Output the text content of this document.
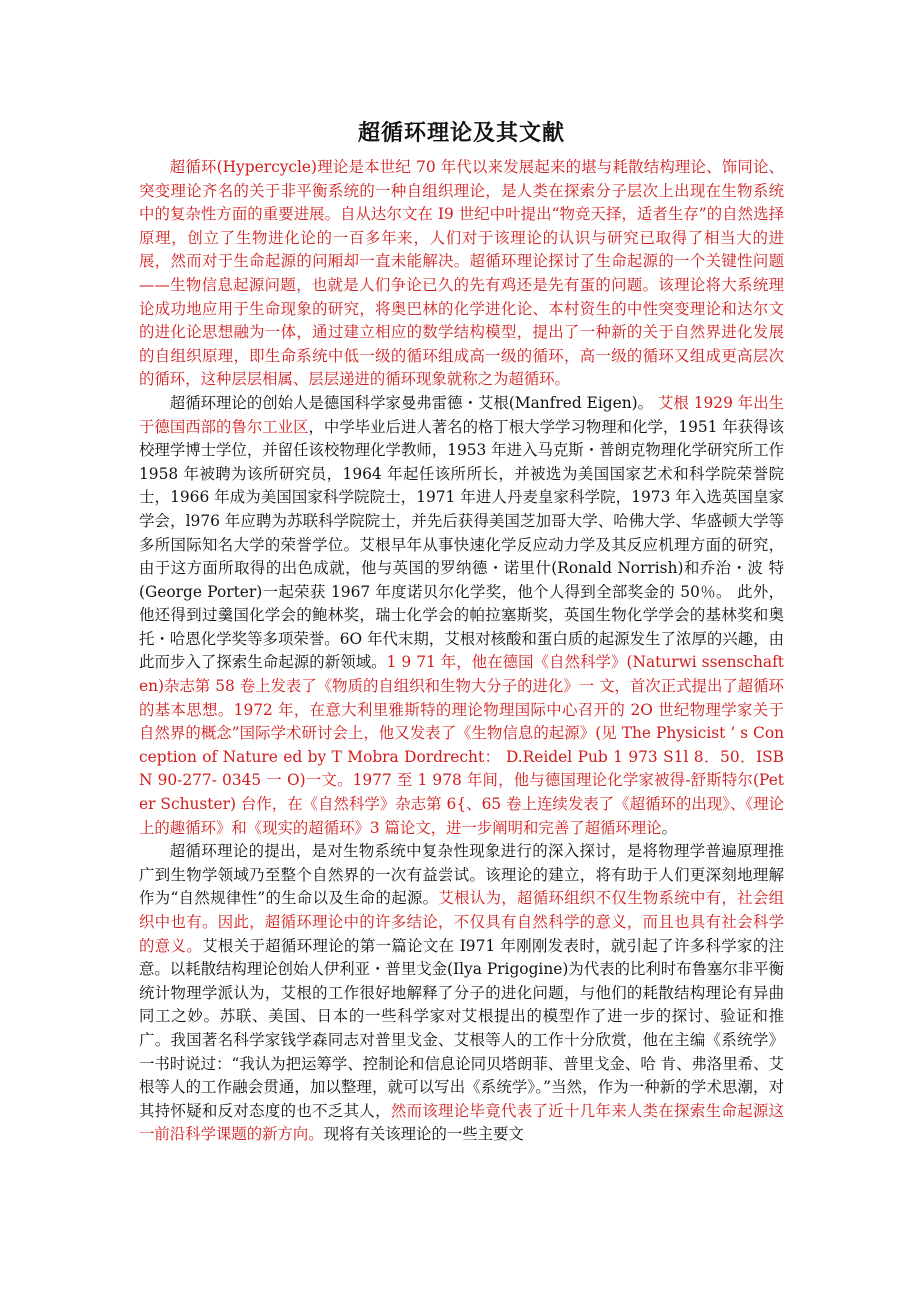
超循环理论及其文献

超循环(Hypercycle)理论是本世纪 70 年代以来发展起来的堪与耗散结构理论、饰同论、突变理论齐名的关于非平衡系统的一种自组织理论，是人类在探索分子层次上出现在生物系统中的复杂性方面的重要进展。自从达尔文在 I9 世纪中叶提出“物竞天择，适者生存”的自然选择原理，创立了生物进化论的一百多年来，人们对于该理论的认识与研究已取得了相当大的进展，然而对于生命起源的问厢却一直未能解决。超循环理论探讨了生命起源的一个关键性问题——生物信息起源问题，也就是人们争论已久的先有鸡还是先有蛋的问题。该理论将大系统理论成功地应用于生命现象的研究，将奥巴林的化学进化论、本村资生的中性突变理论和达尔文的进化论思想融为一体，通过建立相应的数学结构模型，提出了一种新的关于自然界进化发展的自组织原理，即生命系统中低一级的循环组成高一级的循环，高一级的循环又组成更高层次的循环，这种层层相属、层层递进的循环现象就称之为超循环。

超循环理论的创始人是德国科学家曼弗雷德・艾根(Manfred Eigen)。 艾根 1929 年出生于德国西部的鲁尔工业区，中学毕业后进人著名的格丁根大学学习物理和化学，1951 年获得该校理学博士学位，并留任该校物理化学教师，1953 年进入马克斯・普朗克物理化学研究所工作 1958 年被聘为该所研究员，1964 年起任该所所长，并被选为美国国家艺术和科学院荣誉院士，1966 年成为美国国家科学院院士，1971 年进人丹麦皇家科学院，1973 年入选英国皇家学会，l976 年应聘为苏联科学院院士，并先后获得美国芝加哥大学、哈佛大学、华盛顿大学等多所国际知名大学的荣誉学位。艾根早年从事快速化学反应动力学及其反应机理方面的研究，由于这方面所取得的出色成就，他与英国的罗纳德・诺里什(Ronald Norrish)和乔治・波 特(George Porter)一起荣获 1967 年度诺贝尔化学奖，他个人得到全部奖金的 50％。 此外，他还得到过羹国化学会的鲍林奖，瑞士化学会的帕拉塞斯奖，英国生物化学学会的基林奖和奥托・哈恩化学奖等多项荣誉。6O 年代末期，艾根对核酸和蛋白质的起源发生了浓厚的兴趣，由此而步入了探索生命起源的新领域。1 9 71 年，他在德国《自然科学》(Naturwi ssenschaften)杂志第 58 卷上发表了《物质的自组织和生物大分子的进化》一 文，首次正式提出了超循环的基本思想。1972 年，在意大利里雅斯特的理论物理国际中心召开的 2O 世纪物理学家关于自然界的概念”国际学术研讨会上，他又发表了《生物信息的起源》(见 The Physicist ’ s Conception of Nature ed by T Mobra Dordrecht： D.Reidel Pub 1 973 S1l 8．50．ISBN 90-277- 0345 一 O)一文。1977 至 1 978 年间，他与德国理论化学家被得-舒斯特尔(Peter Schuster) 台作，在《自然科学》杂志第 6{、65 卷上连续发表了《超循环的出现》、《理论上的趣循环》和《现实的超循环》3 篇论文，进一步阐明和完善了超循环理论。

超循环理论的提出，是对生物系统中复杂性现象进行的深入探讨，是将物理学普遍原理推广到生物学领域乃至整个自然界的一次有益尝试。该理论的建立，将有助于人们更深刻地理解作为“自然规律性”的生命以及生命的起源。艾根认为，超循环组织不仅生物系统中有，社会组织中也有。因此，超循环理论中的许多结论，不仅具有自然科学的意义，而且也具有社会科学的意义。艾根关于超循环理论的第一篇论文在 I971 年刚刚发表时，就引起了许多科学家的注意。以耗散结构理论创始人伊利亚・普里戈金(Ilya Prigogine)为代表的比利时布鲁塞尔非平衡统计物理学派认为，艾根的工作很好地解释了分子的进化问题，与他们的耗散结构理论有异曲同工之妙。苏联、美国、日本的一些科学家对艾根提出的模型作了进一步的探讨、验证和推广。我国著名科学家钱学森同志对普里戈金、艾根等人的工作十分欣赏，他在主编《系统学》一书时说过：“我认为把运筹学、控制论和信息论同贝塔朗菲、普里戈金、哈 肯、弗洛里希、艾根等人的工作融会贯通，加以整理，就可以写出《系统学》。”当然，作为一种新的学术思潮，对其持怀疑和反对态度的也不乏其人，然而该理论毕竟代表了近十几年来人类在探索生命起源这一前沿科学课题的新方向。现将有关该理论的一些主要文
